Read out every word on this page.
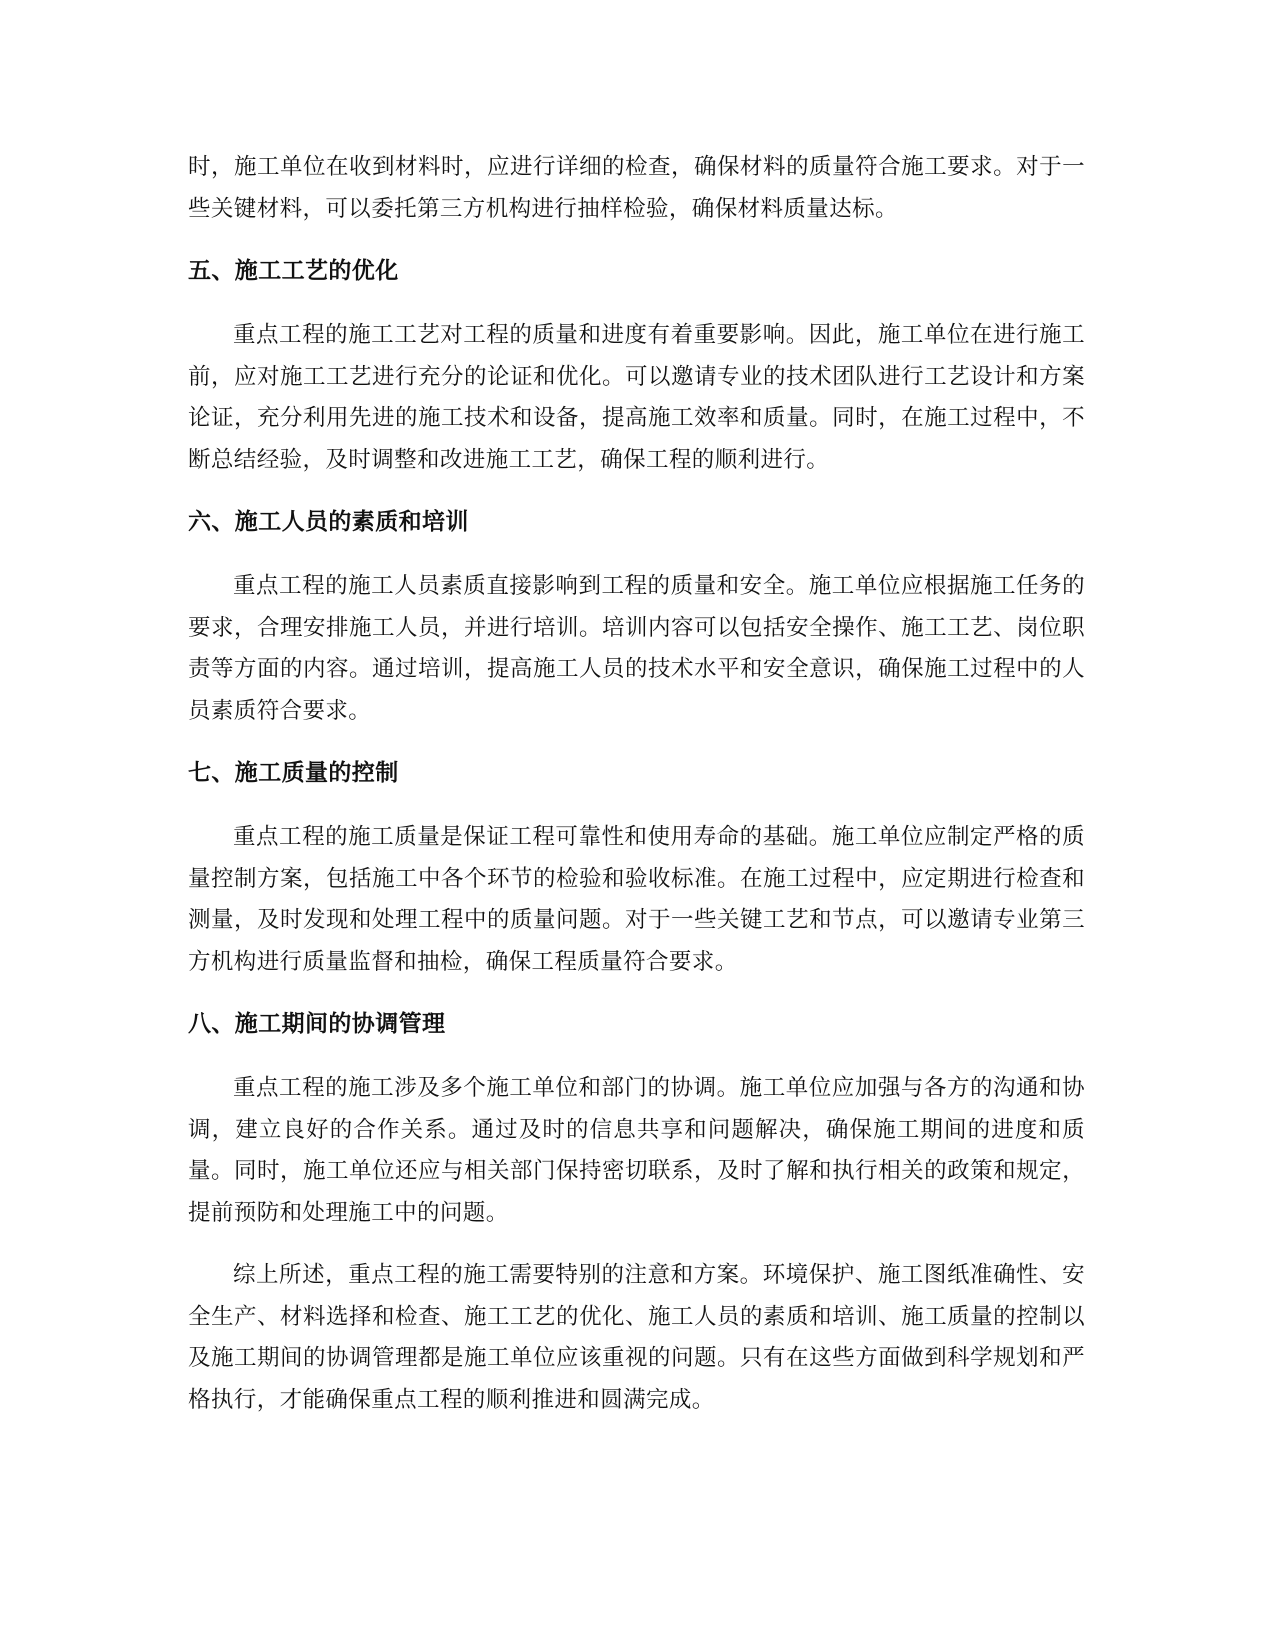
时，施工单位在收到材料时，应进行详细的检查，确保材料的质量符合施工要求。对于一些关键材料，可以委托第三方机构进行抽样检验，确保材料质量达标。

五、施工工艺的优化

重点工程的施工工艺对工程的质量和进度有着重要影响。因此，施工单位在进行施工前，应对施工工艺进行充分的论证和优化。可以邀请专业的技术团队进行工艺设计和方案论证，充分利用先进的施工技术和设备，提高施工效率和质量。同时，在施工过程中，不断总结经验，及时调整和改进施工工艺，确保工程的顺利进行。

六、施工人员的素质和培训

重点工程的施工人员素质直接影响到工程的质量和安全。施工单位应根据施工任务的要求，合理安排施工人员，并进行培训。培训内容可以包括安全操作、施工工艺、岗位职责等方面的内容。通过培训，提高施工人员的技术水平和安全意识，确保施工过程中的人员素质符合要求。

七、施工质量的控制

重点工程的施工质量是保证工程可靠性和使用寿命的基础。施工单位应制定严格的质量控制方案，包括施工中各个环节的检验和验收标准。在施工过程中，应定期进行检查和测量，及时发现和处理工程中的质量问题。对于一些关键工艺和节点，可以邀请专业第三方机构进行质量监督和抽检，确保工程质量符合要求。

八、施工期间的协调管理

重点工程的施工涉及多个施工单位和部门的协调。施工单位应加强与各方的沟通和协调，建立良好的合作关系。通过及时的信息共享和问题解决，确保施工期间的进度和质量。同时，施工单位还应与相关部门保持密切联系，及时了解和执行相关的政策和规定，提前预防和处理施工中的问题。

综上所述，重点工程的施工需要特别的注意和方案。环境保护、施工图纸准确性、安全生产、材料选择和检查、施工工艺的优化、施工人员的素质和培训、施工质量的控制以及施工期间的协调管理都是施工单位应该重视的问题。只有在这些方面做到科学规划和严格执行，才能确保重点工程的顺利推进和圆满完成。
